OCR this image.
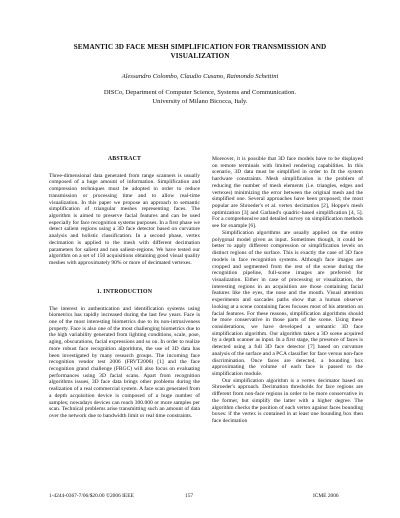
SEMANTIC 3D FACE MESH SIMPLIFICATION FOR TRANSMISSION AND
VISUALIZATION
Alessandro Colombo, Claudio Cusano, Raimondo Schettini
DISCo, Department of Computer Science, Systems and Communication.
University of Milano Bicocca, Italy.
ABSTRACT

Three-dimensional data generated from range scanners is usually composed of a huge amount of information. Simplification and compression techniques must be adopted in order to reduce transmission or processing time and to allow real-time visualization. In this paper we propose an approach to semantic simplification of triangular meshes representing faces. The algorithm is aimed to preserve facial features and can be used especially for face recognition systems purposes. In a first phase we detect salient regions using a 3D face detector based on curvature analysis and holistic classification. In a second phase, vertex decimation is applied to the mesh with different decimation parameters for salient and non salient-regions. We have tested our algorithm on a set of 150 acquisitions obtaining good visual quality meshes with approximately 90% or more of decimated vertexes.

1. INTRODUCTION

The interest in authentication and identification systems using biometrics has rapidly increased during the last few years. Face is one of the most interesting biometrics due to its non-intrusiveness property. Face is also one of the most challenging biometrics due to the high variability generated from lighting conditions, scale, pose, aging, obscurations, facial expressions and so on. In order to realize more robust face recognition algorithms, the use of 3D data has been investigated by many research groups. The incoming face recognition vendor test 2006 (FRVT2006) [1] and the face recognition grand challenge (FRGC) will also focus on evaluating performances using 3D facial scans. Apart from recognition algorithms issues, 3D face data brings other problems during the realization of a real commercial system. A face scan generated from a depth acquisition device is composed of a huge number of samples; nowadays devices can reach 300.000 or more samples per scan. Technical problems arise transmitting such an amount of data over the network due to bandwidth limit or real time constraints.

Moreover, it is possible that 3D face models have to be displayed on remote terminals with limited rendering capabilities. In this scenario, 3D data must be simplified in order to fit the system hardware constraints. Mesh simplification is the problem of reducing the number of mesh elements (i.e. triangles, edges and vertexes) minimizing the error between the original mesh and the simplified one. Several approaches have been proposed; the most popular are Shroeder's et al. vertex decimation [2], Hoppe's mesh optimization [3] and Garland's quadric-based simplification [4, 5]. For a comprehensive and detailed survey on simplification methods see for example [6].

Simplification algorithms are usually applied on the entire polygonal model given as input. Sometimes though, it could be better to apply different compression or simplification levels on distinct regions of the surface. This is exactly the case of 3D face models in face recognition systems. Although face images are cropped and segmented from the rest of the scene during the recognition pipeline, full-scene images are preferred for visualization. Either in case of processing or visualization, the interesting regions in an acquisition are those containing facial features like the eyes, the nose and the mouth. Visual attention experiments and saccades paths show that a human observer looking at a scene containing faces focuses most of his attention on facial features. For these reasons, simplification algorithms should be more conservative in those parts of the scene. Using these considerations, we have developed a semantic 3D face simplification algorithm. Our algorithm takes a 3D scene acquired by a depth scanner as input. In a first stage, the presence of faces is detected using a full 3D face detector [7] based on curvature analysis of the surface and a PCA classifier for face versus non-face discrimination. Once faces are detected, a bounding box approximating the volume of each face is passed to the simplification module.

Our simplification algorithm is a vertex decimator based on Shroeder's approach. Decimation thresholds for face regions are different from non-face regions in order to be more conservative in the former, but simplify the latter with a higher degree. The algorithm checks the position of each vertex against faces bounding boxes: if the vertex is contained in at least one bounding box then face decimation

1-4244-0367-7/06/$20.00 ©2006 IEEE	157	ICME 2006
